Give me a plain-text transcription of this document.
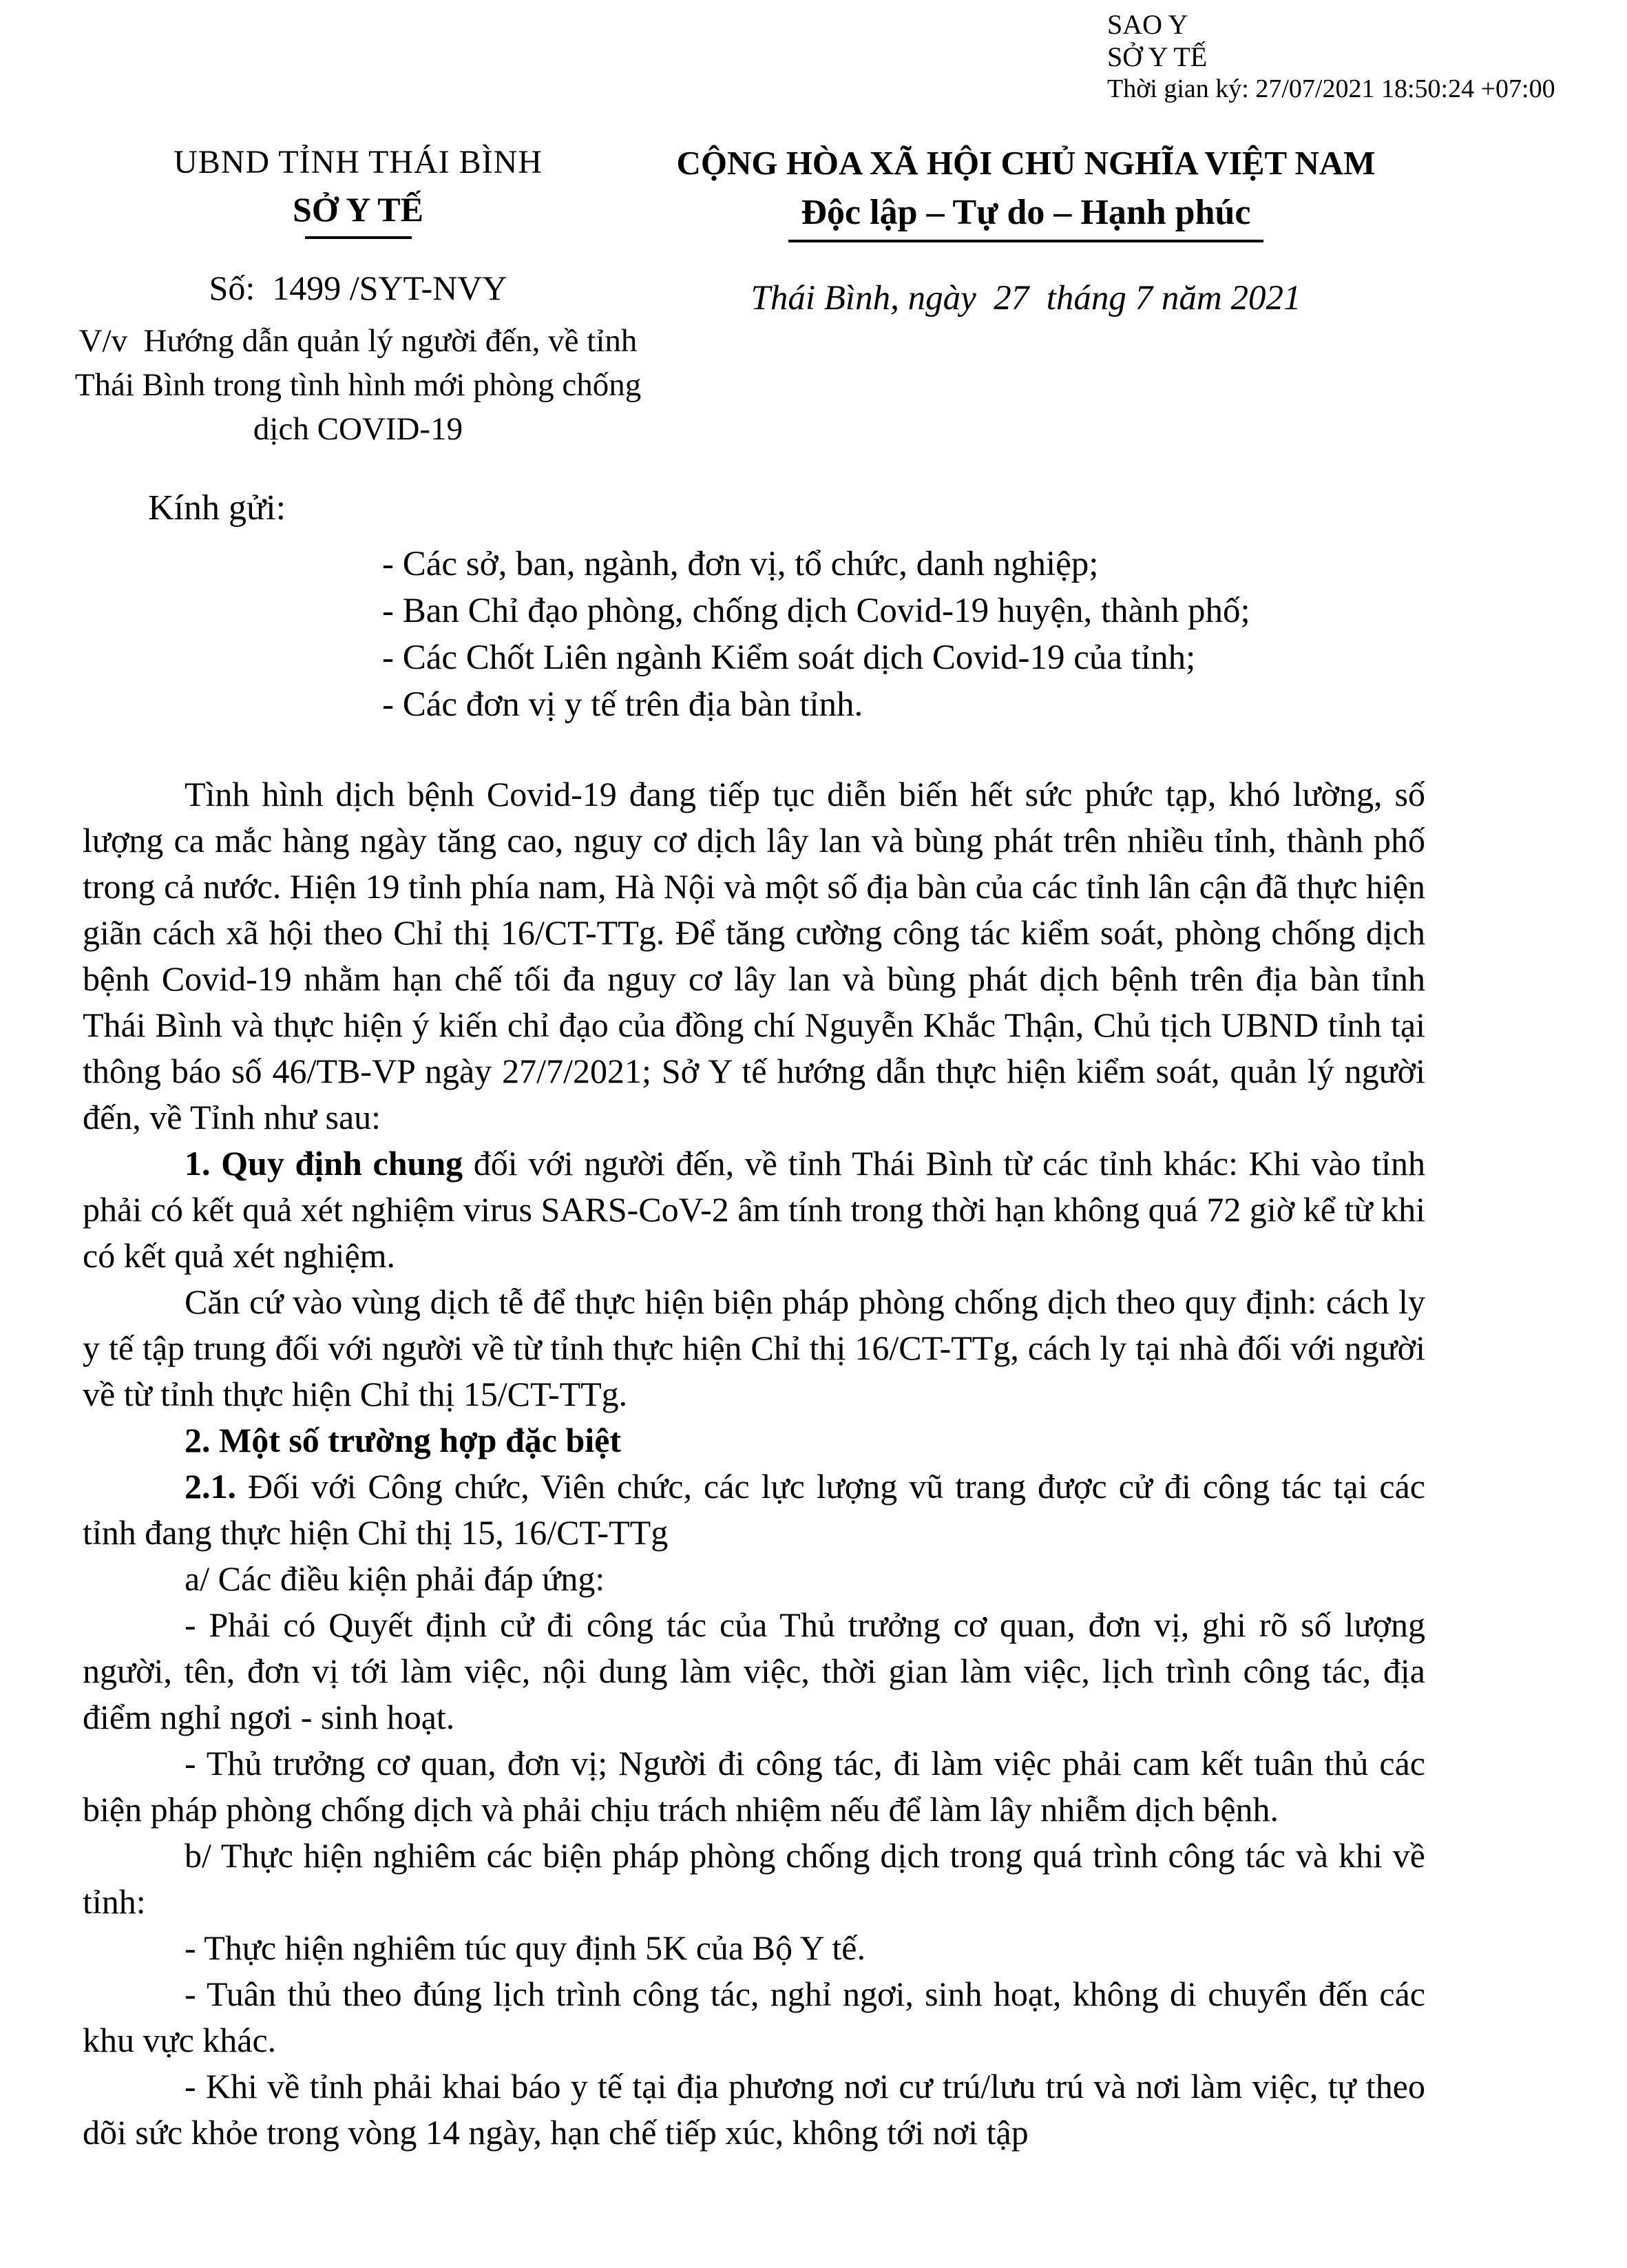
SAO Y
SỞ Y TẾ
Thời gian ký: 27/07/2021 18:50:24 +07:00
UBND TỈNH THÁI BÌNH
SỞ Y TẾ
Số:  1499 /SYT-NVY
V/v  Hướng dẫn quản lý người đến, về tỉnh Thái Bình trong tình hình mới phòng chống dịch COVID-19
CỘNG HÒA XÃ HỘI CHỦ NGHĨA VIỆT NAM
Độc lập – Tự do – Hạnh phúc
Thái Bình, ngày  27  tháng 7 năm 2021
Kính gửi:
- Các sở, ban, ngành, đơn vị, tổ chức, danh nghiệp;
- Ban Chỉ đạo phòng, chống dịch Covid-19 huyện, thành phố;
- Các Chốt Liên ngành Kiểm soát dịch Covid-19 của tỉnh;
- Các đơn vị y tế trên địa bàn tỉnh.

Tình hình dịch bệnh Covid-19 đang tiếp tục diễn biến hết sức phức tạp, khó lường, số lượng ca mắc hàng ngày tăng cao, nguy cơ dịch lây lan và bùng phát trên nhiều tỉnh, thành phố trong cả nước. Hiện 19 tỉnh phía nam, Hà Nội và một số địa bàn của các tỉnh lân cận đã thực hiện giãn cách xã hội theo Chỉ thị 16/CT-TTg. Để tăng cường công tác kiểm soát, phòng chống dịch bệnh Covid-19 nhằm hạn chế tối đa nguy cơ lây lan và bùng phát dịch bệnh trên địa bàn tỉnh Thái Bình và thực hiện ý kiến chỉ đạo của đồng chí Nguyễn Khắc Thận, Chủ tịch UBND tỉnh tại thông báo số 46/TB-VP ngày 27/7/2021; Sở Y tế hướng dẫn thực hiện kiểm soát, quản lý người đến, về Tỉnh như sau:

1. Quy định chung đối với người đến, về tỉnh Thái Bình từ các tỉnh khác: Khi vào tỉnh phải có kết quả xét nghiệm virus SARS-CoV-2 âm tính trong thời hạn không quá 72 giờ kể từ khi có kết quả xét nghiệm.

Căn cứ vào vùng dịch tễ để thực hiện biện pháp phòng chống dịch theo quy định: cách ly y tế tập trung đối với người về từ tỉnh thực hiện Chỉ thị 16/CT-TTg, cách ly tại nhà đối với người về từ tỉnh thực hiện Chỉ thị 15/CT-TTg.

2. Một số trường hợp đặc biệt

2.1. Đối với Công chức, Viên chức, các lực lượng vũ trang được cử đi công tác tại các tỉnh đang thực hiện Chỉ thị 15, 16/CT-TTg

a/ Các điều kiện phải đáp ứng:

- Phải có Quyết định cử đi công tác của Thủ trưởng cơ quan, đơn vị, ghi rõ số lượng người, tên, đơn vị tới làm việc, nội dung làm việc, thời gian làm việc, lịch trình công tác, địa điểm nghỉ ngơi - sinh hoạt.

- Thủ trưởng cơ quan, đơn vị; Người đi công tác, đi làm việc phải cam kết tuân thủ các biện pháp phòng chống dịch và phải chịu trách nhiệm nếu để làm lây nhiễm dịch bệnh.

b/ Thực hiện nghiêm các biện pháp phòng chống dịch trong quá trình công tác và khi về tỉnh:

- Thực hiện nghiêm túc quy định 5K của Bộ Y tế.

- Tuân thủ theo đúng lịch trình công tác, nghỉ ngơi, sinh hoạt, không di chuyển đến các khu vực khác.

- Khi về tỉnh phải khai báo y tế tại địa phương nơi cư trú/lưu trú và nơi làm việc, tự theo dõi sức khỏe trong vòng 14 ngày, hạn chế tiếp xúc, không tới nơi tập
